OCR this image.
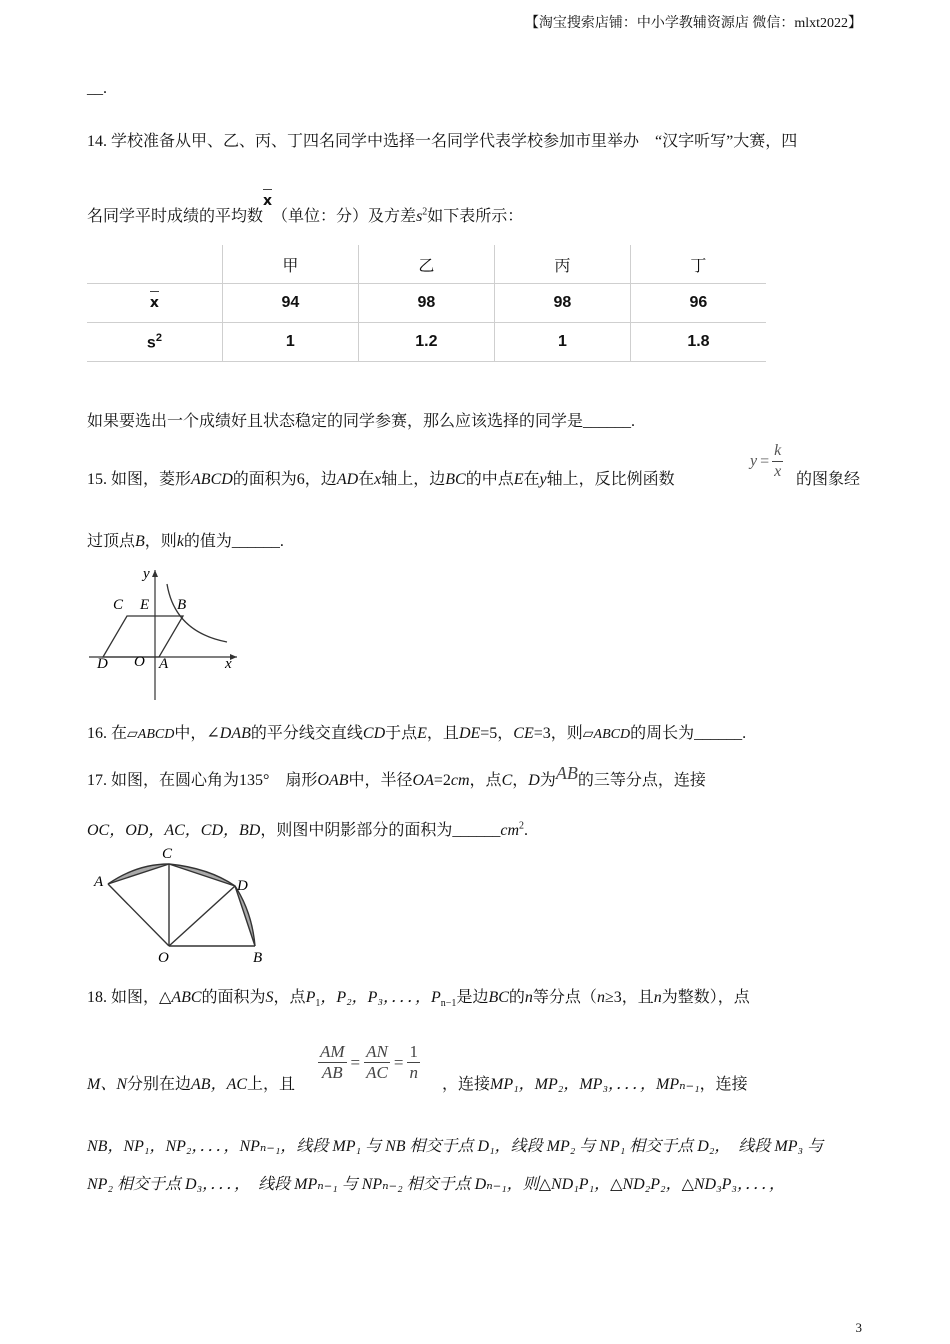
【淘宝搜索店铺：中小学教辅资源店 微信：mlxt2022】
__.
14. 学校准备从甲、乙、丙、丁四名同学中选择一名同学代表学校参加市里举办　“汉字听写”大赛，四
名同学平时成绩的平均数x（单位：分）及方差$s^2$如下表所示：
	甲	乙	丙	丁
x	94	98	98	96
$s^2$	1	1.2	1	1.8
如果要选出一个成绩好且状态稳定的同学参赛，那么应该选择的同学是______.
15. 如图，菱形ABCD的面积为6，边AD在x轴上，边BC的中点E在y轴上，反比例函数
$y = \frac{k}{x}$ 的图象经
过顶点B，则k的值为______.
y
C E B
D O A	x
16. 在▱ABCD中，∠DAB的平分线交直线CD于点E，且DE=5，CE=3，则▱ABCD的周长为______.
17. 如图，在圆心角为135°　扇形OAB中，半径OA=2cm，点C，D为AB的三等分点，连接
OC，OD，AC，CD，BD，则图中阴影部分的面积为$\_\_\_\_\_\_cm^2$.
C
A	D
O	B
18. 如图，△ABC的面积为S，点$P_1$，P₂，P₃，．．．，$P_{n-1}$是边BC的n等分点（n≥3，且n为整数），点
M、N分别在边AB，AC上，且
$\frac{AM}{AB} = \frac{AN}{AC} = \frac{1}{n}$
，连接MP₁，MP₂，MP₃，．．．，MPₙ₋₁，连接
NB，NP₁，NP₂，．．．，NPₙ₋₁，线段 MP₁ 与 NB 相交于点 D₁，线段 MP₂ 与 NP₁ 相交于点 D₂，　线段 MP₃ 与
NP₂ 相交于点 D₃，．．．，　线段 MPₙ₋₁ 与 NPₙ₋₂ 相交于点 Dₙ₋₁，则△ND₁P₁，△ND₂P₂，△ND₃P₃，．．．，
3
